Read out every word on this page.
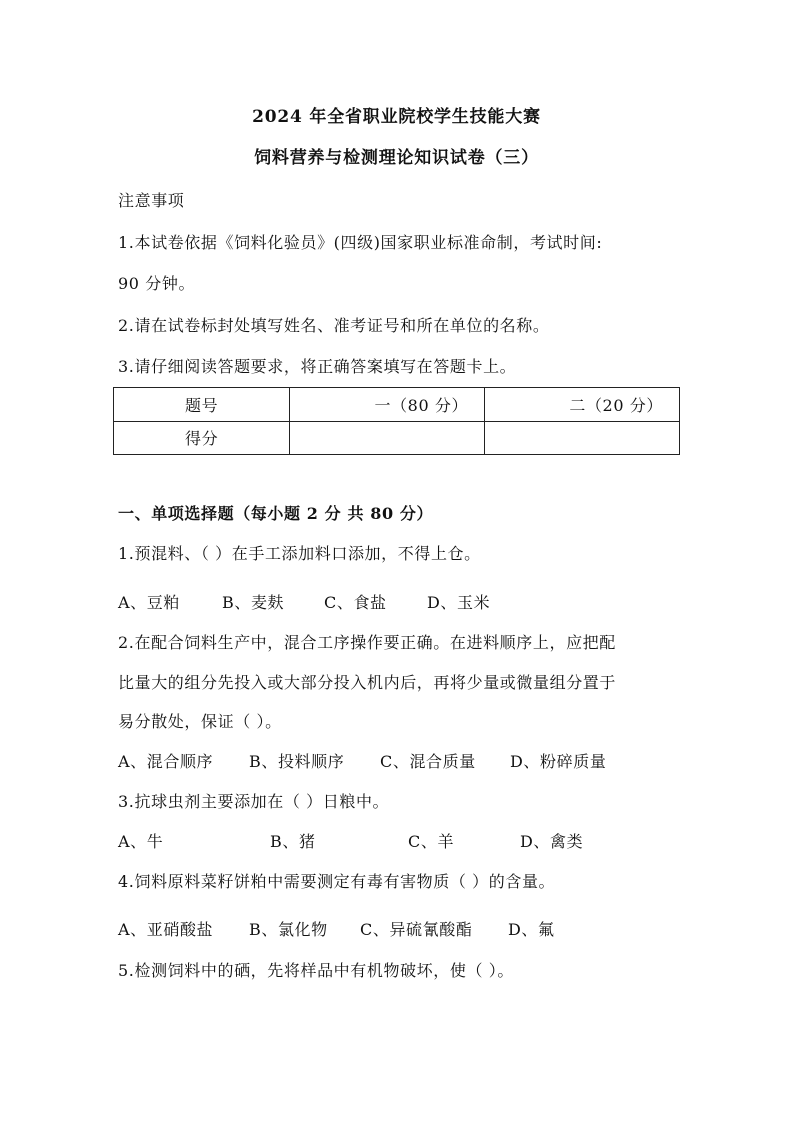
2024 年全省职业院校学生技能大赛
饲料营养与检测理论知识试卷（三）
注意事项
1.本试卷依据《饲料化验员》(四级)国家职业标准命制，考试时间:
90 分钟。
2.请在试卷标封处填写姓名、准考证号和所在单位的名称。
3.请仔细阅读答题要求，将正确答案填写在答题卡上。
题号	一（80 分）	二（20 分）
得分		
一、单项选择题（每小题 2 分 共 80 分）
1.预混料、（ ）在手工添加料口添加，不得上仓。
A、豆粕	B、麦麸	C、食盐	D、玉米
2.在配合饲料生产中，混合工序操作要正确。在进料顺序上，应把配
比量大的组分先投入或大部分投入机内后，再将少量或微量组分置于
易分散处，保证（ ）。
A、混合顺序	B、投料顺序	C、混合质量	D、粉碎质量
3.抗球虫剂主要添加在（ ）日粮中。
A、牛	B、猪	C、羊	D、禽类
4.饲料原料菜籽饼粕中需要测定有毒有害物质（ ）的含量。
A、亚硝酸盐	B、氯化物	C、异硫氰酸酯	D、氟
5.检测饲料中的硒，先将样品中有机物破坏，使（ ）。
